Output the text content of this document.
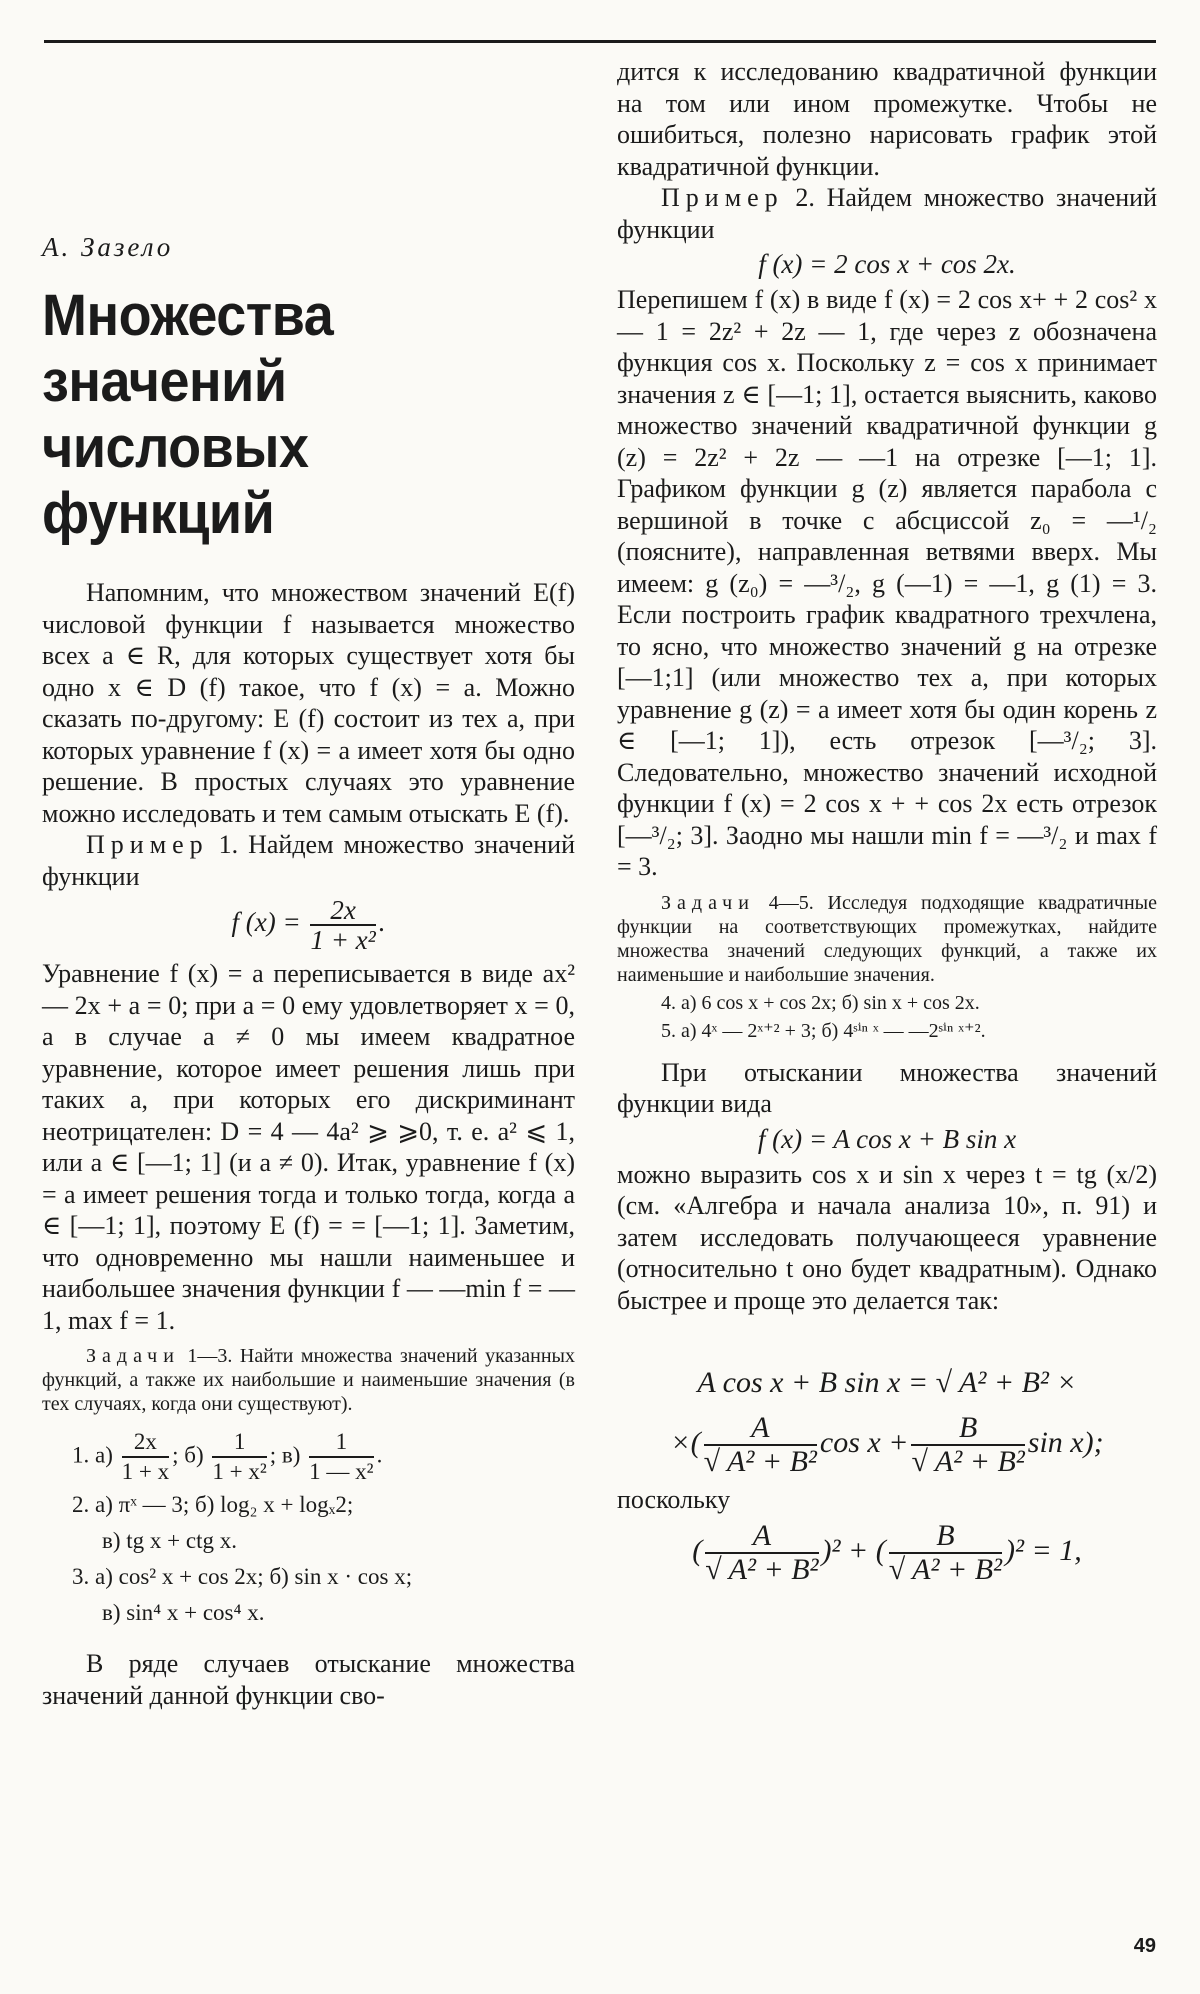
А. Зазело
Множества
значений
числовых функций

Напомним, что множеством значений E(f) числовой функции f называется множество всех a ∈ R, для которых существует хотя бы одно x ∈ D (f) такое, что f (x) = a. Можно сказать по-другому: E (f) состоит из тех a, при которых уравнение f (x) = a имеет хотя бы одно решение. В простых случаях это уравнение можно исследовать и тем самым отыскать E (f).

Пример 1. Найдем множество значений функции

f $(x) = \frac{2x}{\text{1 + x²}}$ .

Уравнение f (x) = a переписывается в виде ax² — 2x + a = 0; при a = 0 ему удовлетворяет x = 0, а в случае a ≠ 0 мы имеем квадратное уравнение, которое имеет решения лишь при таких a, при которых его дискриминант неотрицателен: D = 4 — 4a² ⩾ ⩾0, т. е. a² ⩽ 1, или a ∈ [—1; 1] (и a ≠ 0). Итак, уравнение f (x) = a имеет решения тогда и только тогда, когда a ∈ [—1; 1], поэтому E (f) = = [—1; 1]. Заметим, что одновременно мы нашли наименьшее и наибольшее значения функции f — —min f = —1, max f = 1.

Задачи 1—3. Найти множества значений указанных функций, а также их наибольшие и наименьшие значения (в тех случаях, когда они существуют).
1. $а) \frac{2x}{1 + x}$ ; $б) \frac{1}{\text{1 + x²}}$ ; $в) \frac{1}{\text{1 — x²}}$ .
2. а) πˣ — 3; б) log₂ x + logₓ2;
в) tg x + ctg x.
3. а) cos² x + cos 2x; б) sin x · cos x;
в) sin⁴ x + cos⁴ x.

В ряде случаев отыскание множества значений данной функции сво-

дится к исследованию квадратичной функции на том или ином промежутке. Чтобы не ошибиться, полезно нарисовать график этой квадратичной функции.

Пример 2. Найдем множество значений функции

f (x) = 2 cos x + cos 2x.

Перепишем f (x) в виде f (x) = 2 cos x+ + 2 cos² x — 1 = 2z² + 2z — 1, где через z обозначена функция cos x. Поскольку z = cos x принимает значения z ∈ [—1; 1], остается выяснить, каково множество значений квадратичной функции g (z) = 2z² + 2z — —1 на отрезке [—1; 1]. Графиком функции g (z) является парабола с вершиной в точке с абсциссой z₀ = —¹/₂ (поясните), направленная ветвями вверх. Мы имеем: g (z₀) = —³/₂, g (—1) = —1, g (1) = 3. Если построить график квадратного трехчлена, то ясно, что множество значений g на отрезке [—1;1] (или множество тех a, при которых уравнение g (z) = a имеет хотя бы один корень z ∈ [—1; 1]), есть отрезок [—³/₂; 3]. Следовательно, множество значений исходной функции f (x) = 2 cos x + + cos 2x есть отрезок [—³/₂; 3]. Заодно мы нашли min f = —³/₂ и max f = 3.

Задачи 4—5. Исследуя подходящие квадратичные функции на соответствующих промежутках, найдите множества значений следующих функций, а также их наименьшие и наибольшие значения.
4. а) 6 cos x + cos 2x; б) sin x + cos 2x.
5. а) 4ˣ — 2ˣ⁺² + 3; б) 4ˢⁱⁿ ˣ — —2ˢⁱⁿ ˣ⁺².

При отыскании множества значений функции вида

f (x) = A cos x + B sin x

можно выразить cos x и sin x через t = tg (x/2) (см. «Алгебра и начала анализа 10», п. 91) и затем исследовать получающееся уравнение (относительно t оно будет квадратным). Однако быстрее и проще это делается так:

A cos x + B sin x = √ A² + B² ×
×( $\frac{A}{\text{√ A² + B²}}$ $\cos x + \frac{B}{\text{√ A² + B²}}$ sin x);

поскольку

( $\frac{A}{\text{√ A² + B²}} )^2$ + ( $\frac{B}{\text{√ A² + B²}} )^2 = 1$,
49
